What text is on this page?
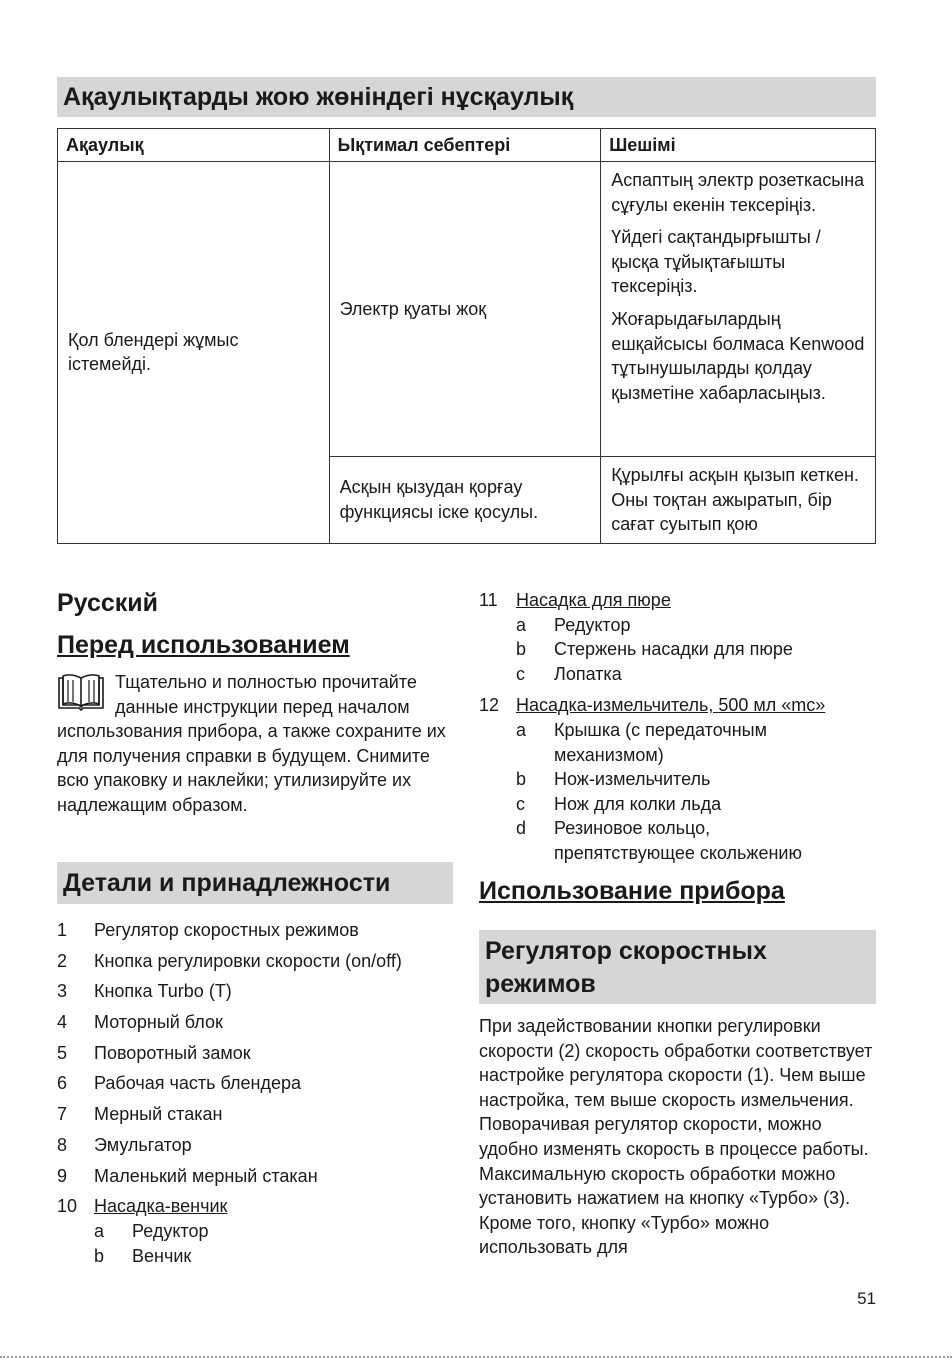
Ақаулықтарды жою жөніндегі нұсқаулық
Ақаулық	Ықтимал себептері	Шешімі
Қол блендері жұмыс істемейді.	Электр қуаты жоқ	Аспаптың электр розеткасына сұғулы екенін тексеріңіз.
Үйдегі сақтандырғышты / қысқа тұйықтағышты тексеріңіз.
Жоғарыдағылардың ешқайсысы болмаса Kenwood тұтынушыларды қолдау қызметіне хабарласыңыз.

	Асқын қызудан қорғау функциясы іске қосулы.	Құрылғы асқын қызып кеткен. Оны тоқтан ажыратып, бір сағат суытып қою
Русский
Перед использованием
Тщательно и полностью прочитайте данные инструкции перед началом использования прибора, а также сохраните их для получения справки в будущем. Снимите всю упаковку и наклейки; утилизируйте их надлежащим образом.
Детали и принадлежности
1	Регулятор скоростных режимов
2	Кнопка регулировки скорости (on/off)
3	Кнопка Turbo (T)
4	Моторный блок
5	Поворотный замок
6	Рабочая часть блендера
7	Мерный стакан
8	Эмульгатор
9	Маленький мерный стакан
10 Насадка-венчик
a	Редуктор
b	Венчик
11	Насадка для пюре
a	Редуктор
b	Стержень насадки для пюре
c	Лопатка
12 Насадка-измельчитель, 500 мл «mc»
a	Крышка (с передаточным механизмом)
b	Нож-измельчитель
c	Нож для колки льда
d	Резиновое кольцо, препятствующее скольжению
Использование прибора
Регулятор скоростных режимов
При задействовании кнопки регулировки скорости (2) скорость обработки соответствует настройке регулятора скорости (1). Чем выше настройка, тем выше скорость измельчения. Поворачивая регулятор скорости, можно удобно изменять скорость в процессе работы. Максимальную скорость обработки можно установить нажатием на кнопку «Турбо» (3). Кроме того, кнопку «Турбо» можно использовать для
51
